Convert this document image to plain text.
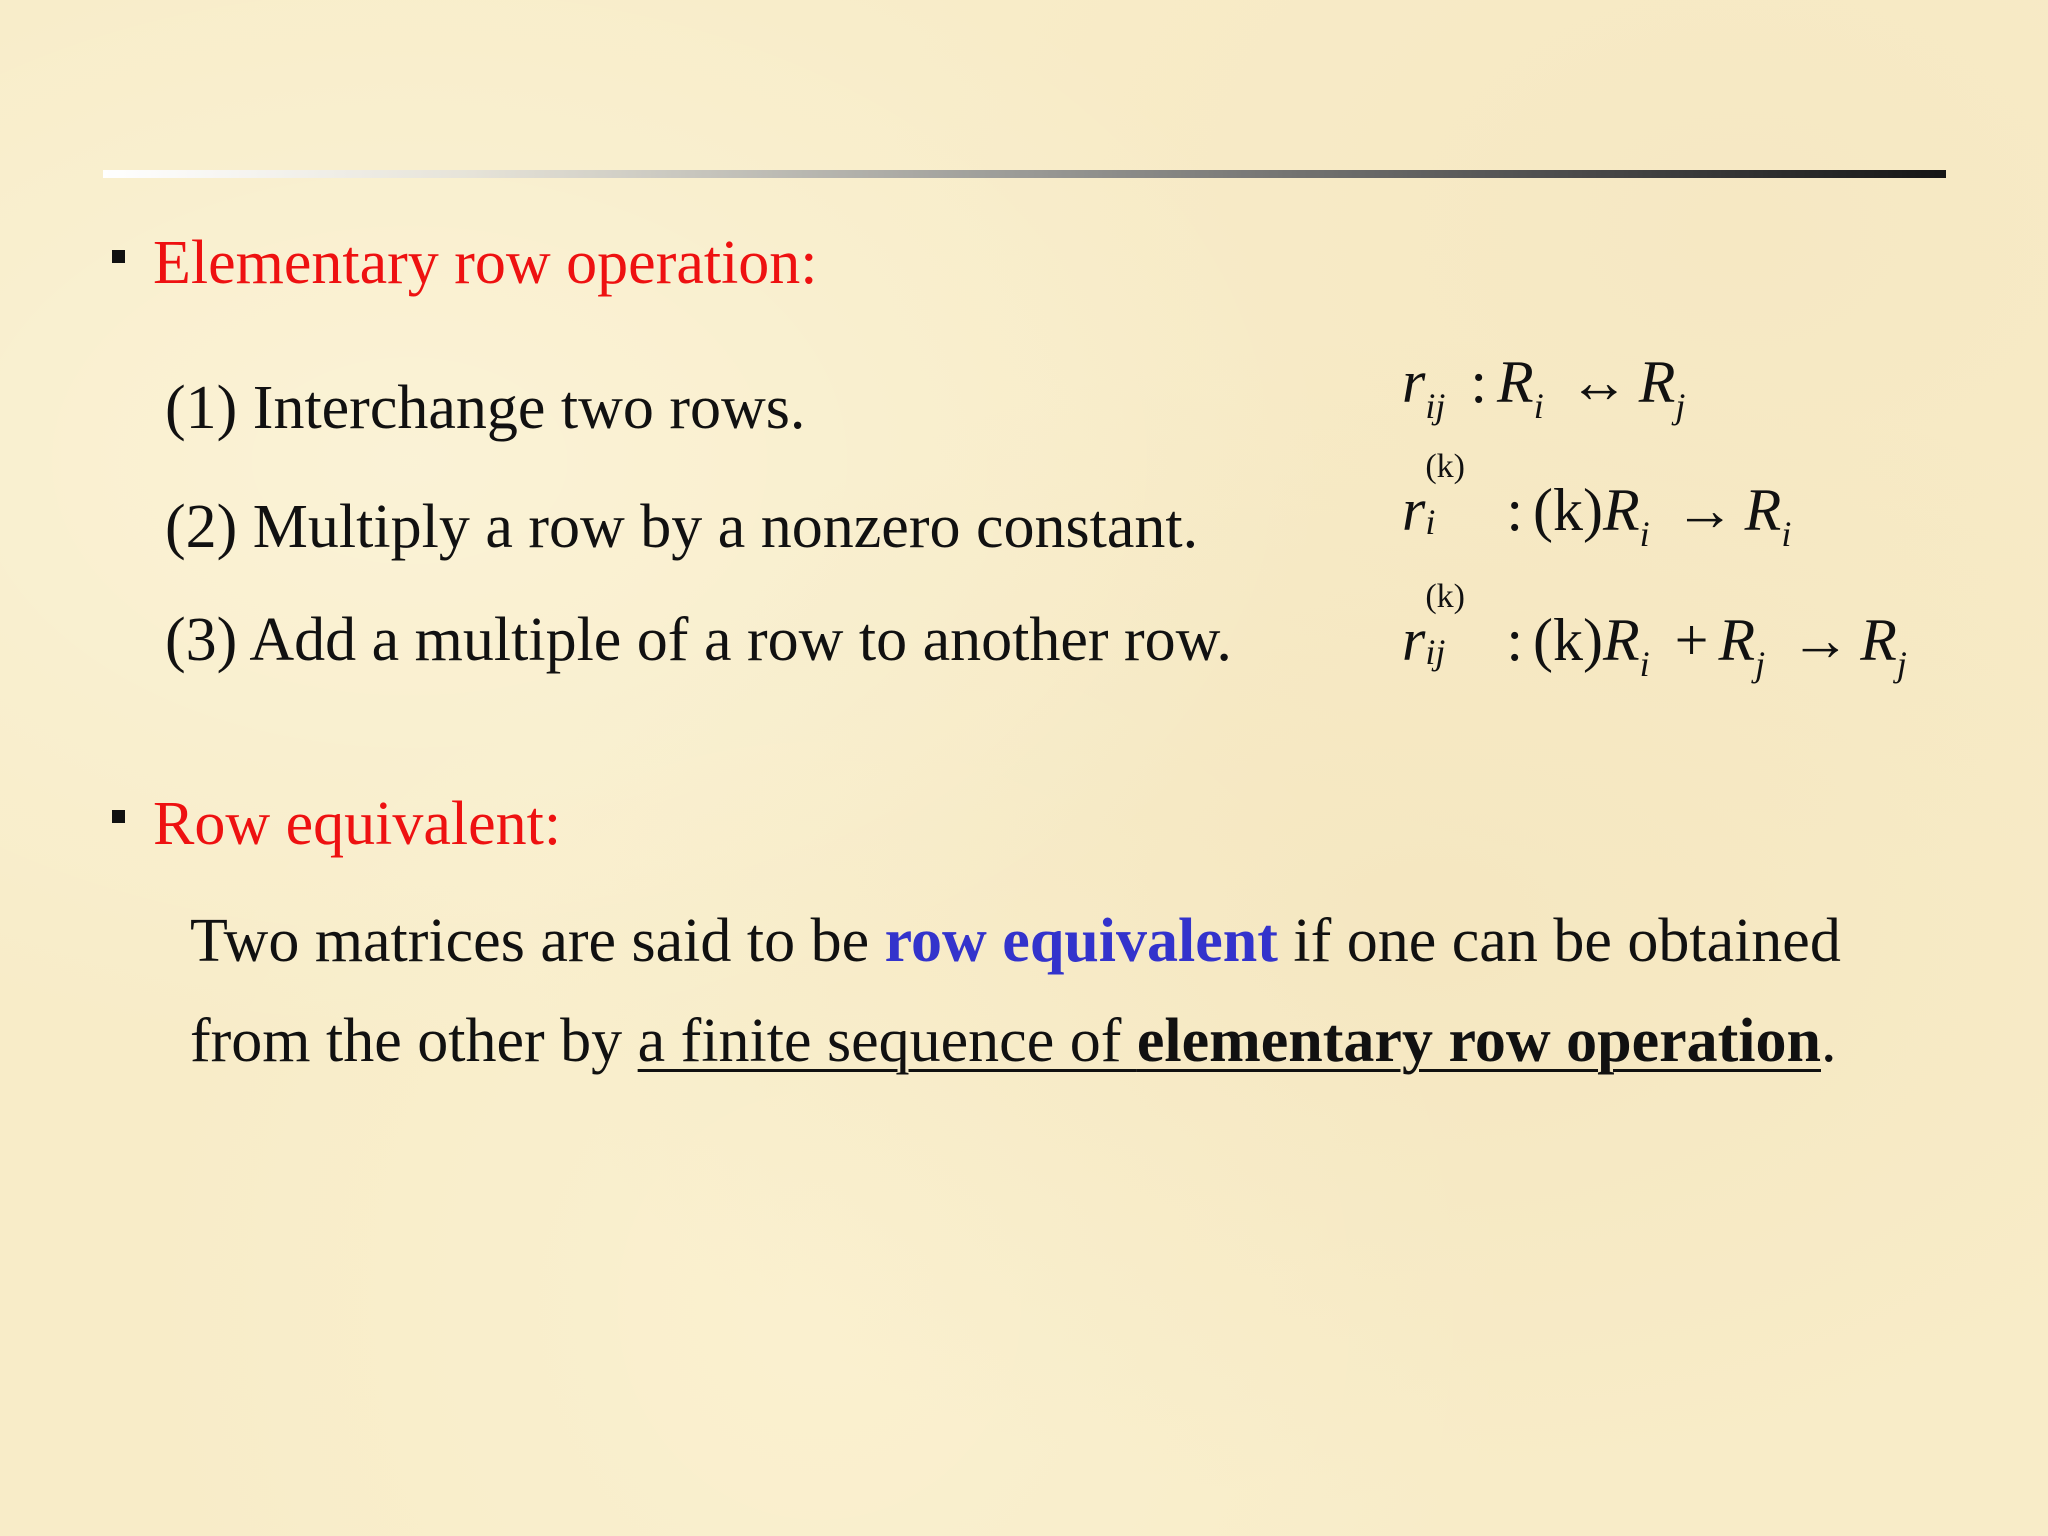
Elementary row operation:
(1) Interchange two rows.
(2) Multiply a row by a nonzero constant.
(3) Add a multiple of a row to another row.
$r_{ij}$ : $R_i$ ↔ $R_j$
r
(k)
i : $(k)R_i \to R_i$
r
(k)
ij : $(k)R_i + R_j \to R_j$
Row equivalent:
Two matrices are said to be row equivalent if one can be obtained
from the other by a finite sequence of elementary row operation.
